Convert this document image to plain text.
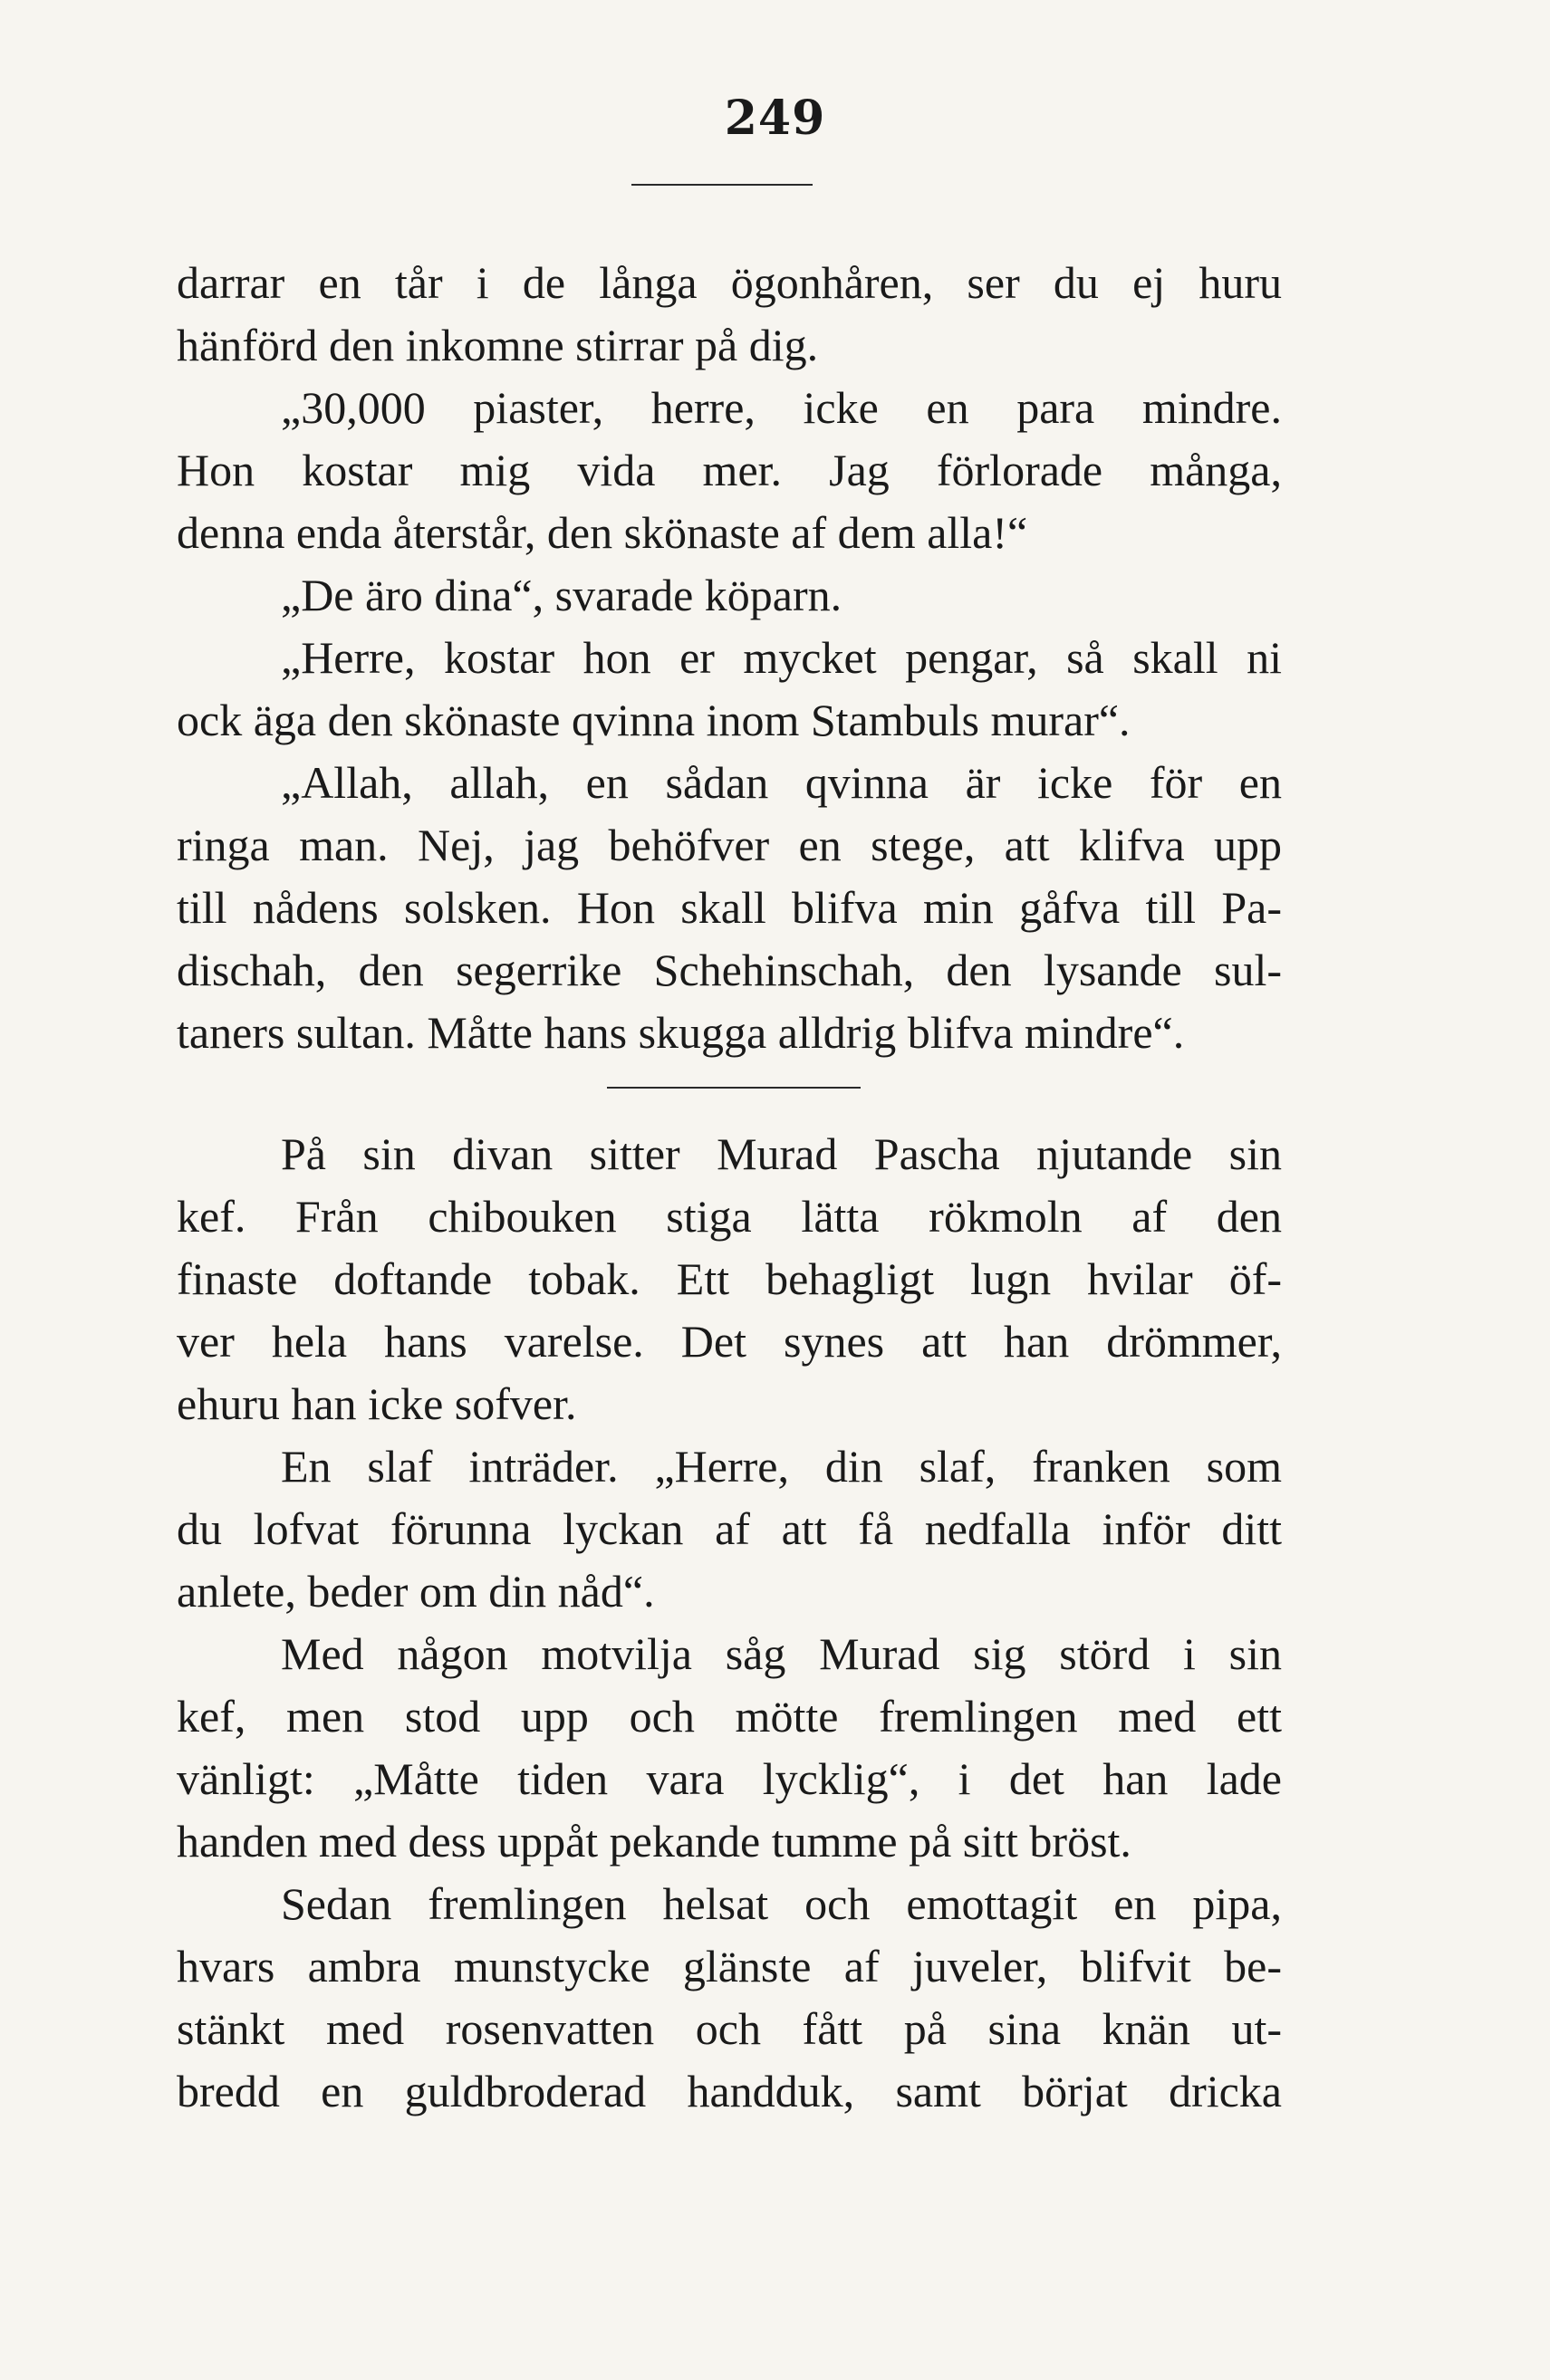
249
darrar en tår i de långa ögonhåren, ser du ej huru
hänförd den inkomne stirrar på dig.
„30,000 piaster, herre, icke en para mindre.
Hon kostar mig vida mer. Jag förlorade många,
denna enda återstår, den skönaste af dem alla!“
„De äro dina“, svarade köparn.
„Herre, kostar hon er mycket pengar, så skall ni
ock äga den skönaste qvinna inom Stambuls murar“.
„Allah, allah, en sådan qvinna är icke för en
ringa man. Nej, jag behöfver en stege, att klifva upp
till nådens solsken. Hon skall blifva min gåfva till Pa-
dischah, den segerrike Schehinschah, den lysande sul-
taners sultan. Måtte hans skugga alldrig blifva mindre“.
På sin divan sitter Murad Pascha njutande sin
kef. Från chibouken stiga lätta rökmoln af den
finaste doftande tobak. Ett behagligt lugn hvilar öf-
ver hela hans varelse. Det synes att han drömmer,
ehuru han icke sofver.
En slaf inträder. „Herre, din slaf, franken som
du lofvat förunna lyckan af att få nedfalla inför ditt
anlete, beder om din nåd“.
Med någon motvilja såg Murad sig störd i sin
kef, men stod upp och mötte fremlingen med ett
vänligt: „Måtte tiden vara lycklig“, i det han lade
handen med dess uppåt pekande tumme på sitt bröst.
Sedan fremlingen helsat och emottagit en pipa,
hvars ambra munstycke glänste af juveler, blifvit be-
stänkt med rosenvatten och fått på sina knän ut-
bredd en guldbroderad handduk, samt börjat dricka
